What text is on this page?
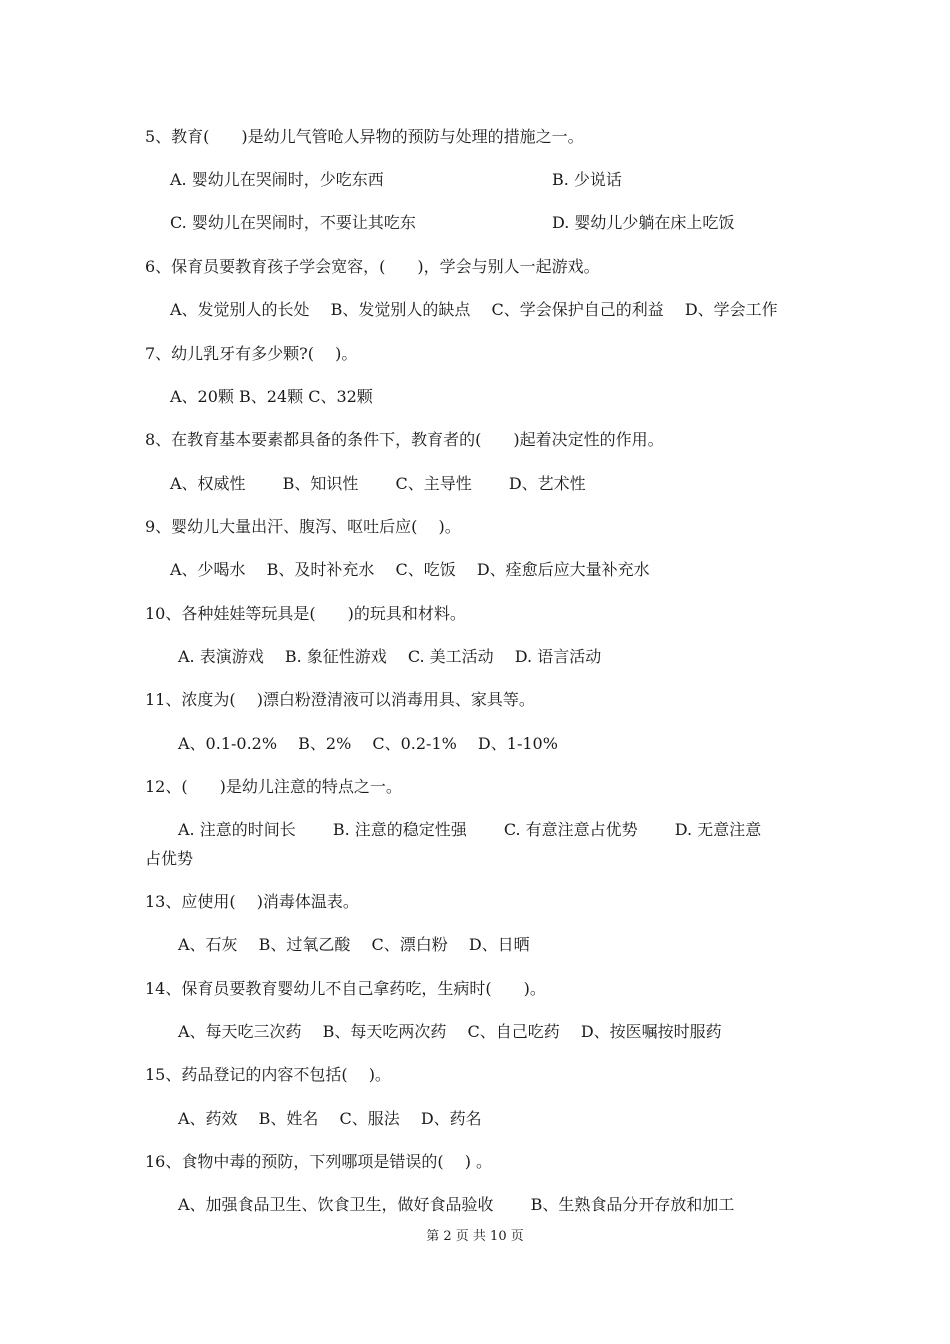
5、教育(　　)是幼儿气管呛人异物的预防与处理的措施之一。
A. 婴幼儿在哭闹时，少吃东西	B. 少说话
C. 婴幼儿在哭闹时，不要让其吃东	D. 婴幼儿少躺在床上吃饭
6、保育员要教育孩子学会宽容，(　　)，学会与别人一起游戏。
A、发觉别人的长处　 B、发觉别人的缺点　 C、学会保护自己的利益　 D、学会工作
7、幼儿乳牙有多少颗?(　 )。
A、20颗 B、24颗 C、32颗
8、在教育基本要素都具备的条件下，教育者的(　　)起着决定性的作用。
A、权威性　　 B、知识性　　 C、主导性　　 D、艺术性
9、婴幼儿大量出汗、腹泻、呕吐后应(　 )。
A、少喝水　 B、及时补充水　 C、吃饭　 D、痊愈后应大量补充水
10、各种娃娃等玩具是(　　)的玩具和材料。
A. 表演游戏　 B. 象征性游戏　 C. 美工活动　 D. 语言活动
11、浓度为(　 )漂白粉澄清液可以消毒用具、家具等。
A、0.1-0.2%　 B、2%　 C、0.2-1%　 D、1-10%
12、(　　)是幼儿注意的特点之一。
A. 注意的时间长　　 B. 注意的稳定性强　　 C. 有意注意占优势　　 D. 无意注意
占优势
13、应使用(　 )消毒体温表。
A、石灰　 B、过氧乙酸　 C、漂白粉　 D、日晒
14、保育员要教育婴幼儿不自己拿药吃，生病时(　　)。
A、每天吃三次药　 B、每天吃两次药　 C、自己吃药　 D、按医嘱按时服药
15、药品登记的内容不包括(　 )。
A、药效　 B、姓名　 C、服法　 D、药名
16、食物中毒的预防，下列哪项是错误的(　 ) 。
A、加强食品卫生、饮食卫生，做好食品验收　　 B、生熟食品分开存放和加工
第 2 页 共 10 页
